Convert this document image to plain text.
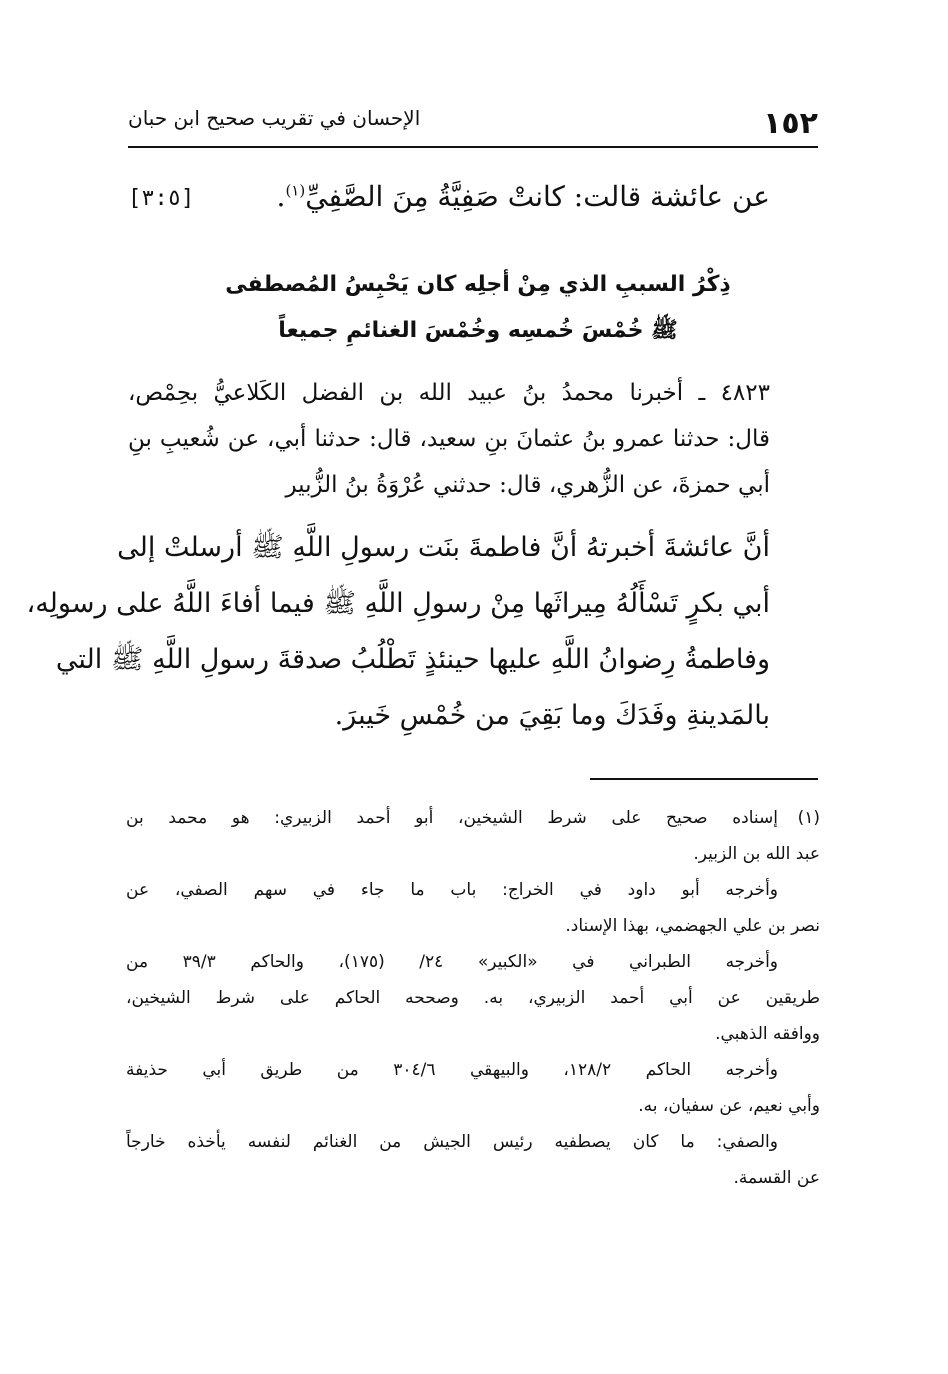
١٥٢
الإحسان في تقريب صحيح ابن حبان
عن عائشة قالت: كانتْ صَفِيَّةُ مِنَ الصَّفِيِّ$^{(١)}$.
[٣:٥]
ذِكْرُ السببِ الذي مِنْ أجلِه كان يَحْبِسُ المُصطفى
ﷺ خُمْسَ خُمسِه وخُمْسَ الغنائمِ جميعاً
٤٨٢٣ ـ أخبرنا محمدُ بنُ عبيد الله بن الفضل الكَلاعيُّ بحِمْص،
قال: حدثنا عمرو بنُ عثمانَ بنِ سعيد، قال: حدثنا أبي، عن شُعيبِ بنِ
أبي حمزةَ، عن الزُّهري، قال: حدثني عُرْوَةُ بنُ الزُّبير
أنَّ عائشةَ أخبرتهُ أنَّ فاطمةَ بنَت رسولِ اللَّهِ ﷺ أرسلتْ إلى
أبي بكرٍ تَسْأَلُهُ مِيراثَها مِنْ رسولِ اللَّهِ ﷺ فيما أفاءَ اللَّهُ على رسولِه،
وفاطمةُ رِضوانُ اللَّهِ عليها حينئذٍ تَطْلُبُ صدقةَ رسولِ اللَّهِ ﷺ التي
بالمَدينةِ وفَدَكَ وما بَقِيَ من خُمْسِ خَيبرَ.
(١)إسناده صحيح على شرط الشيخين، أبو أحمد الزبيري: هو محمد بن
عبد الله بن الزبير.
وأخرجه أبو داود في الخراج: باب ما جاء في سهم الصفي، عن
نصر بن علي الجهضمي، بهذا الإسناد.
وأخرجه الطبراني في «الكبير» ٢٤/ (١٧٥)، والحاكم ٣٩/٣ من
طريقين عن أبي أحمد الزبيري، به. وصححه الحاكم على شرط الشيخين،
ووافقه الذهبي.
وأخرجه الحاكم ١٢٨/٢، والبيهقي ٣٠٤/٦ من طريق أبي حذيفة
وأبي نعيم، عن سفيان، به.
والصفي: ما كان يصطفيه رئيس الجيش من الغنائم لنفسه يأخذه خارجاً
عن القسمة.
